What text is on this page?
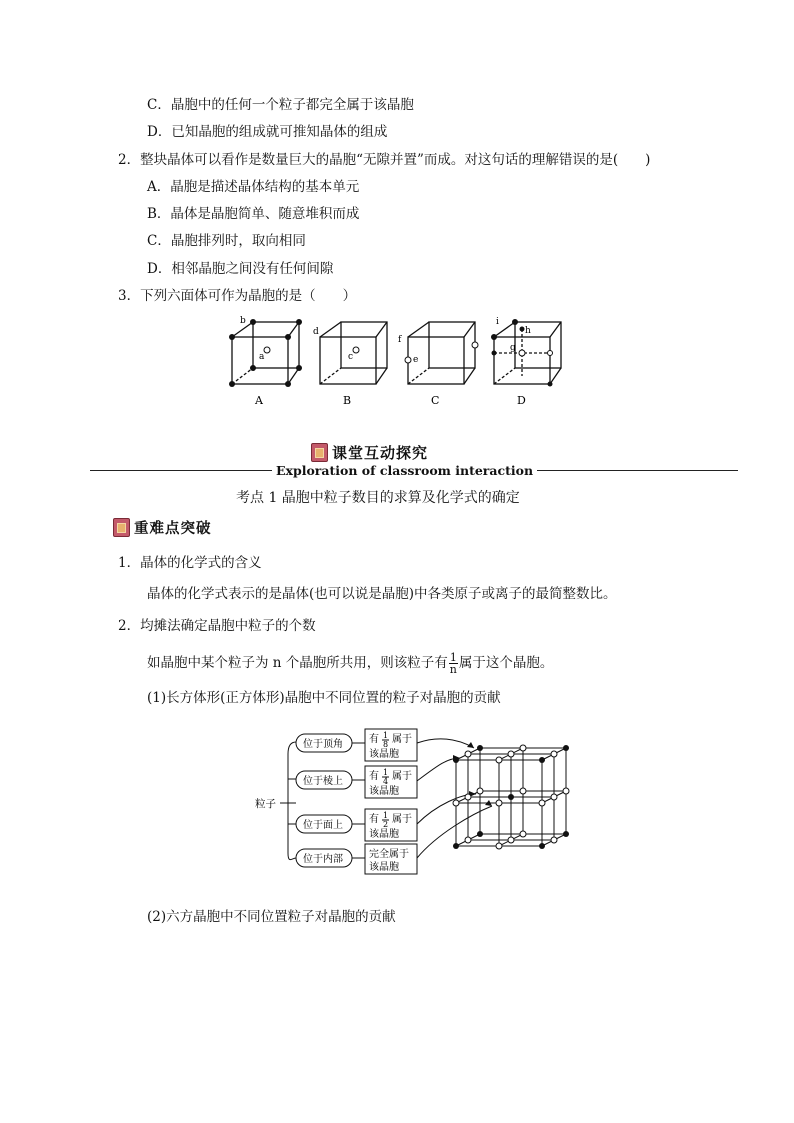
C．晶胞中的任何一个粒子都完全属于该晶胞
D．已知晶胞的组成就可推知晶体的组成
2．整块晶体可以看作是数量巨大的晶胞“无隙并置”而成。对这句话的理解错误的是(　　)
A．晶胞是描述晶体结构的基本单元
B．晶体是晶胞简单、随意堆积而成
C．晶胞排列时，取向相同
D．相邻晶胞之间没有任何间隙
3．下列六面体可作为晶胞的是（　　）
a
b
A
c
d
B
e
f
C
g
h
i
D
课堂互动探究
Exploration of classroom interaction
考点 1 晶胞中粒子数目的求算及化学式的确定
重难点突破
1．晶体的化学式的含义
晶体的化学式表示的是晶体(也可以说是晶胞)中各类原子或离子的最简整数比。
2．均摊法确定晶胞中粒子的个数
如晶胞中某个粒子为 n 个晶胞所共用，则该粒子有 $\frac{1}{n}$ 属于这个晶胞。
(1)长方体形(正方体形)晶胞中不同位置的粒子对晶胞的贡献
粒子
位于顶角
位于棱上
位于面上
位于内部
有 1
8 属于
该晶胞
有 1
4 属于
该晶胞
有 1
2 属于
该晶胞
完全属于
该晶胞
(2)六方晶胞中不同位置粒子对晶胞的贡献
